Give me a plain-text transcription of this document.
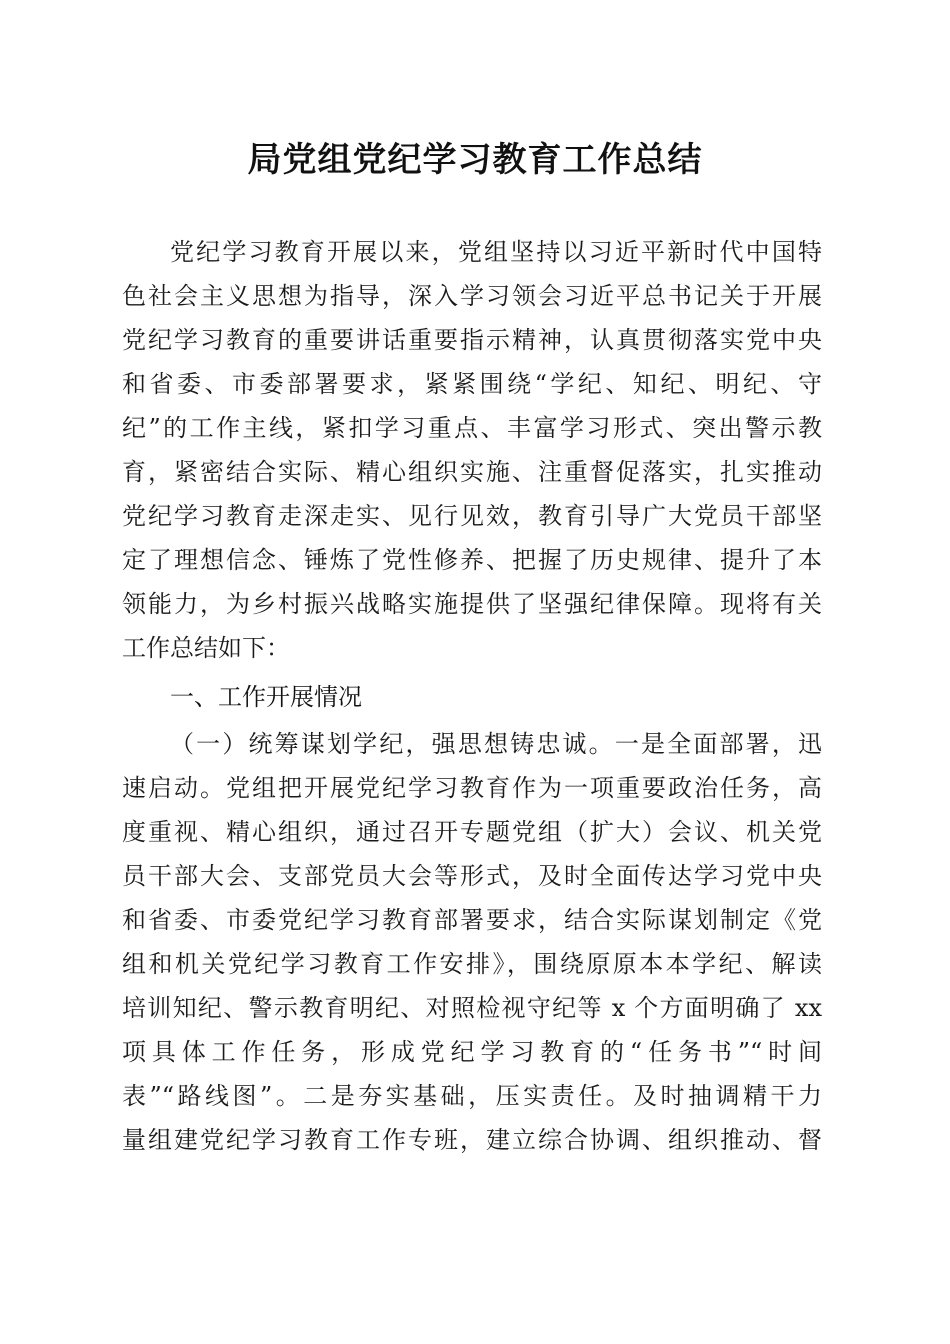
局党组党纪学习教育工作总结
党纪学习教育开展以来，党组坚持以习近平新时代中国特
色社会主义思想为指导，深入学习领会习近平总书记关于开展
党纪学习教育的重要讲话重要指示精神，认真贯彻落实党中央
和省委、市委部署要求，紧紧围绕“学纪、知纪、明纪、守
纪”的工作主线，紧扣学习重点、丰富学习形式、突出警示教
育，紧密结合实际、精心组织实施、注重督促落实，扎实推动
党纪学习教育走深走实、见行见效，教育引导广大党员干部坚
定了理想信念、锤炼了党性修养、把握了历史规律、提升了本
领能力，为乡村振兴战略实施提供了坚强纪律保障。现将有关
工作总结如下：
一、工作开展情况
（一）统筹谋划学纪，强思想铸忠诚。一是全面部署，迅
速启动。党组把开展党纪学习教育作为一项重要政治任务，高
度重视、精心组织，通过召开专题党组（扩大）会议、机关党
员干部大会、支部党员大会等形式，及时全面传达学习党中央
和省委、市委党纪学习教育部署要求，结合实际谋划制定《党
组和机关党纪学习教育工作安排》，围绕原原本本学纪、解读
培训知纪、警示教育明纪、对照检视守纪等 x 个方面明确了 xx
项具体工作任务，形成党纪学习教育的“任务书”“时间
表”“路线图”。二是夯实基础，压实责任。及时抽调精干力
量组建党纪学习教育工作专班，建立综合协调、组织推动、督
